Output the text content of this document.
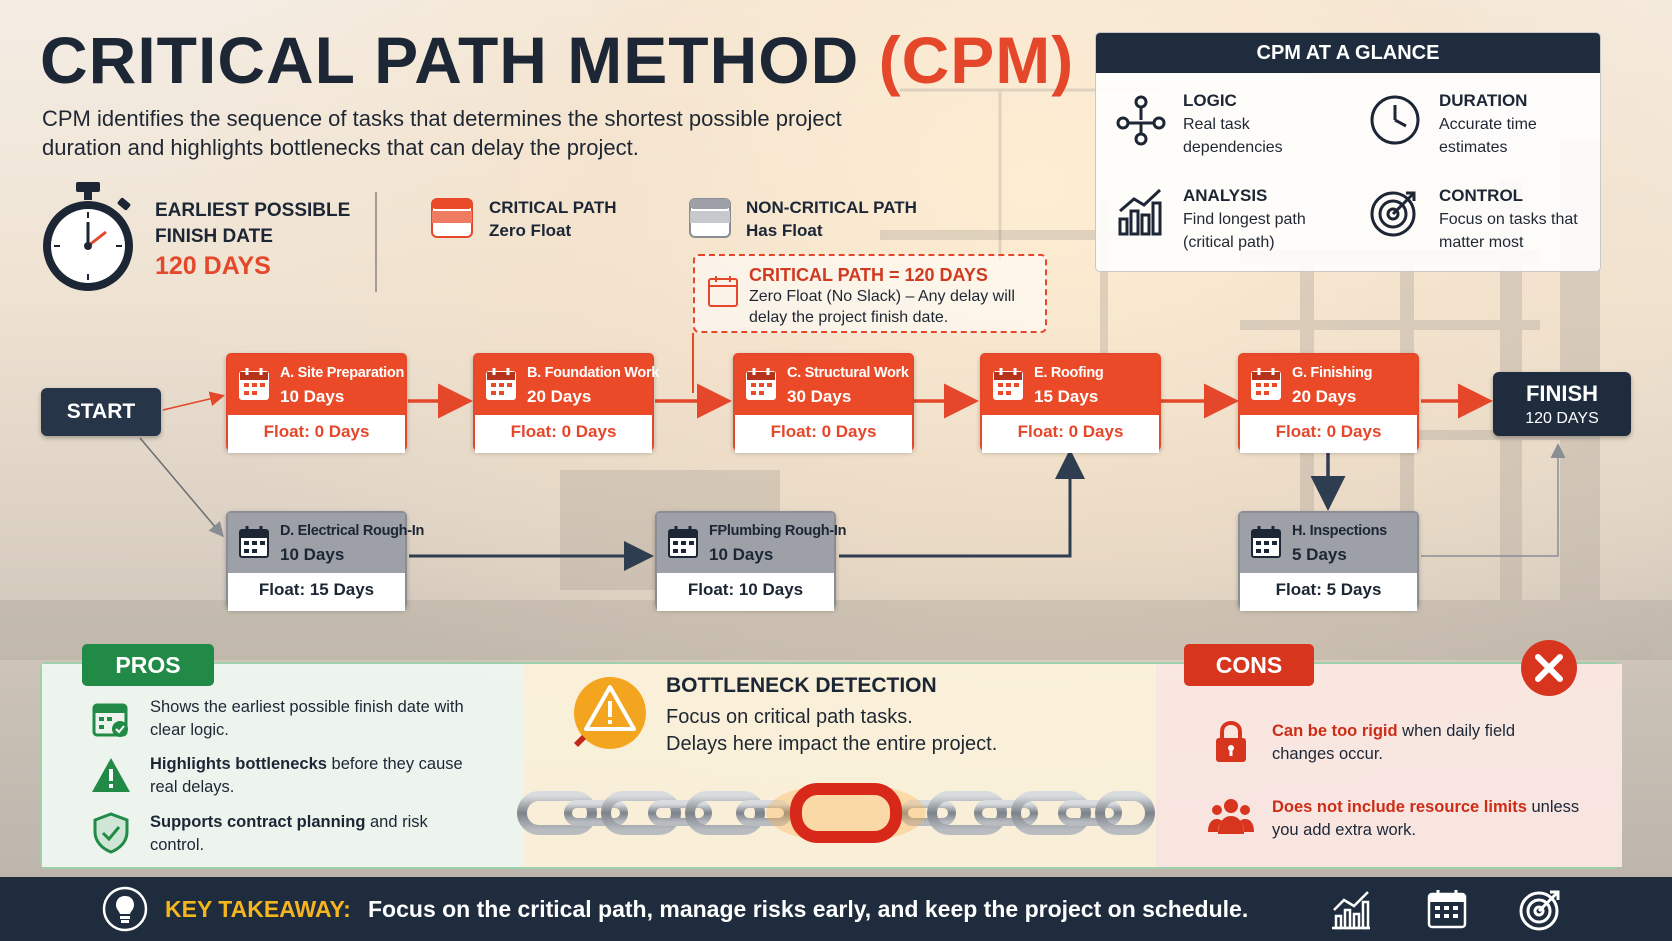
CRITICAL PATH METHOD (CPM)
CPM identifies the sequence of tasks that determines the shortest possible project duration and highlights bottlenecks that can delay the project.
EARLIEST POSSIBLE
FINISH DATE
120 DAYS
CRITICAL PATH
Zero Float
NON-CRITICAL PATH
Has Float
CRITICAL PATH = 120 DAYS
Zero Float (No Slack) – Any delay will delay the project finish date.
CPM AT A GLANCE
LOGIC
Real task dependencies
DURATION
Accurate time estimates
ANALYSIS
Find longest path (critical path)
CONTROL
Focus on tasks that matter most
START
FINISH
120 DAYS
A. Site Preparation
10 Days
Float: 0 Days
B. Foundation Work
20 Days
Float: 0 Days
C. Structural Work
30 Days
Float: 0 Days
E. Roofing
15 Days
Float: 0 Days
G. Finishing
20 Days
Float: 0 Days
D. Electrical Rough-In
10 Days
Float: 15 Days
FPlumbing Rough-In
10 Days
Float: 10 Days
H. Inspections
5 Days
Float: 5 Days
PROS	CONS
Shows the earliest possible finish date with clear logic.
Highlights bottlenecks before they cause real delays.
Supports contract planning and risk control.
BOTTLENECK DETECTION
Focus on critical path tasks.
Delays here impact the entire project.
Can be too rigid when daily field changes occur.
Does not include resource limits unless you add extra work.
KEY TAKEAWAY: Focus on the critical path, manage risks early, and keep the project on schedule.
